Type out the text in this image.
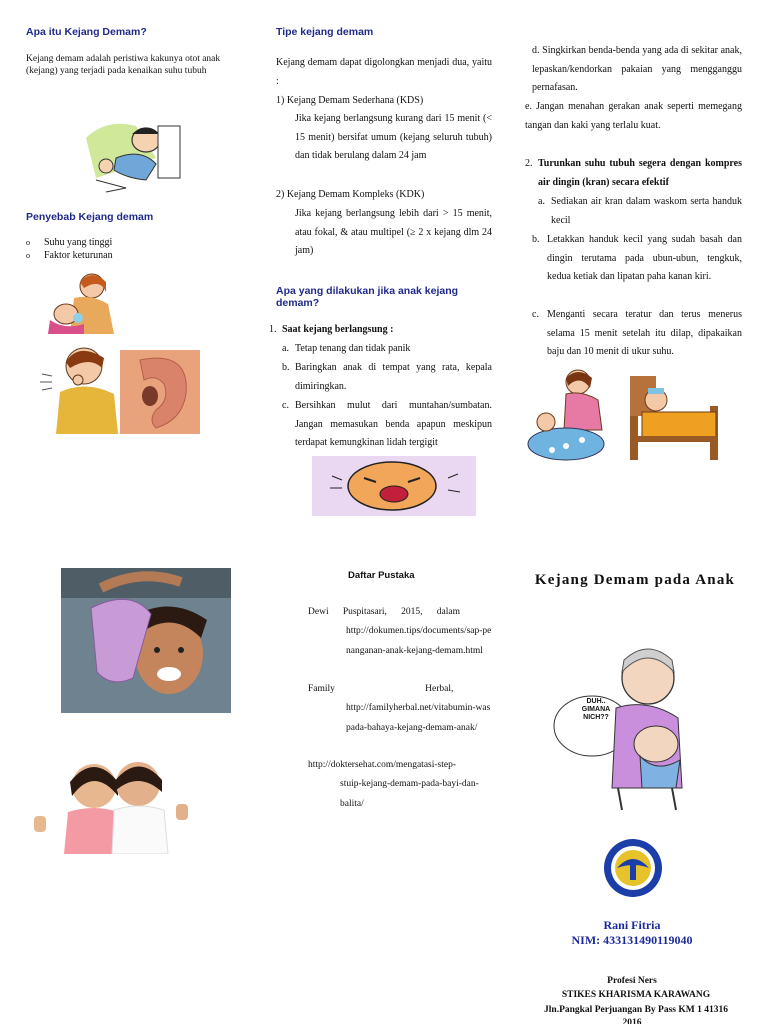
Apa itu Kejang Demam?
Kejang demam adalah peristiwa kakunya otot anak (kejang) yang terjadi pada kenaikan suhu tubuh
Penyebab Kejang demam
o Suhu yang tinggi
o Faktor keturunan
Tipe kejang demam
Kejang demam dapat digolongkan menjadi dua, yaitu :
1) Kejang Demam Sederhana (KDS)
Jika kejang berlangsung kurang dari 15 menit (< 15 menit) bersifat umum (kejang seluruh tubuh) dan tidak berulang dalam 24 jam
2) Kejang Demam Kompleks (KDK)
Jika kejang berlangsung lebih dari > 15 menit, atau fokal, & atau multipel (≥ 2 x kejang dlm 24 jam)
Apa yang dilakukan jika anak kejang demam?
1. Saat kejang berlangsung :
a. Tetap tenang dan tidak panik
b. Baringkan anak di tempat yang rata, kepala dimiringkan.
c. Bersihkan mulut dari muntahan/sumbatan. Jangan memasukan benda apapun meskipun terdapat kemungkinan lidah tergigit
d. Singkirkan benda-benda yang ada di sekitar anak, lepaskan/kendorkan pakaian yang mengganggu pernafasan.
e. Jangan menahan gerakan anak seperti memegang tangan dan kaki yang terlalu kuat.
2. Turunkan suhu tubuh segera dengan kompres air dingin (kran) secara efektif
a. Sediakan air kran dalam waskom serta handuk kecil
b. Letakkan handuk kecil yang sudah basah dan dingin terutama pada ubun-ubun, tengkuk, kedua ketiak dan lipatan paha kanan kiri.
c. Menganti secara teratur dan terus menerus selama 15 menit setelah itu dilap, dipakaikan baju dan 10 menit di ukur suhu.
Daftar Pustaka
Dewi      Puspitasari,      2015,      dalam
http://dokumen.tips/documents/sap-penanganan-anak-kejang-demam.html
Family                                      Herbal,
http://familyherbal.net/vitabumin-waspada-bahaya-kejang-demam-anak/
http://doktersehat.com/mengatasi-step-
stuip-kejang-demam-pada-bayi-dan-balita/
Kejang Demam pada Anak
DUH.. GIMANA NICH??
Rani Fitria
NIM: 433131490119040
Profesi Ners
STIKES KHARISMA KARAWANG
Jln.Pangkal Perjuangan By Pass KM 1 41316
2016
